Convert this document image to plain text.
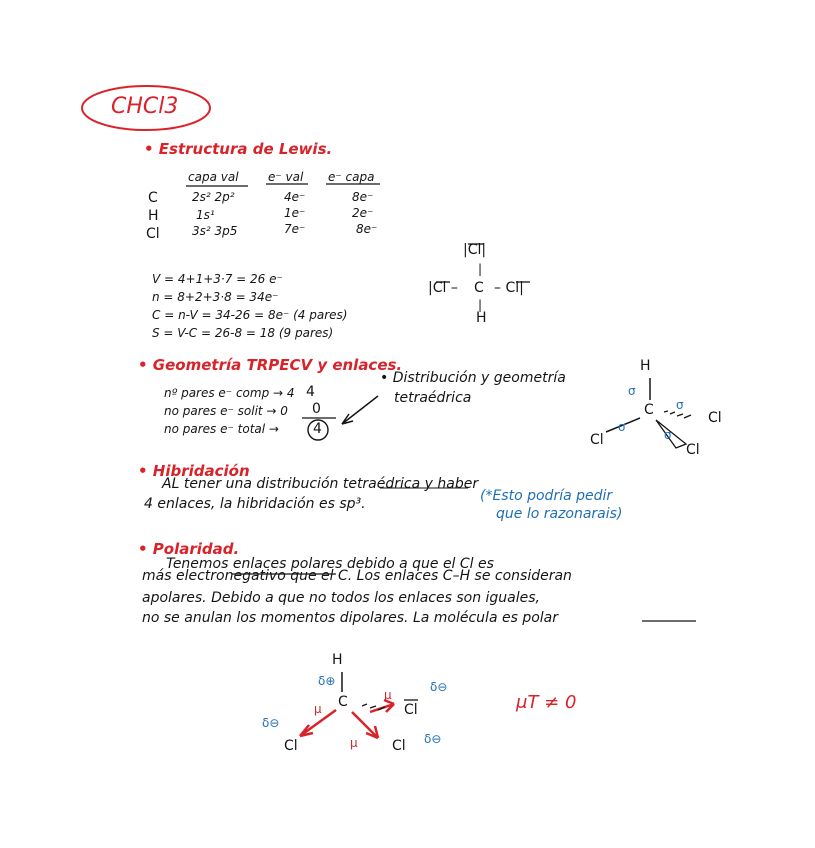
CHCl3
• Estructura de Lewis.
capa val e⁻ val e⁻ capa
C	2s² 2p²	4e⁻	8e⁻
H	1s¹	1e⁻	2e⁻
Cl	3s² 3p5	7e⁻	8e⁻
V = 4+1+3·7 = 26 e⁻
n = 8+2+3·8 = 34e⁻
C = n-V = 34-26 = 8e⁻ (4 pares)
S = V-C = 26-8 = 18 (9 pares)
|Cl|
|
|Cl – C – Cl|
|
H
• Geometría TRPECV y enlaces.
nº pares e⁻ comp → 4
no pares e⁻ solit → 0
no pares e⁻ total →
4
0
4
• Distribución y geometría
tetraédrica
H
σ
C σ
σ
σ
Cl
Cl
Cl
• Hibridación
AL tener una distribución tetraédrica y haber
4 enlaces, la hibridación es sp³.	(*Esto podría pedir
que lo razonarais)
• Polaridad.
Tenemos enlaces polares debido a que el Cl es
más electronegativo que el C. Los enlaces C–H se consideran
apolares. Debido a que no todos los enlaces son iguales,
no se anulan los momentos dipolares. La molécula es polar
H
δ⊕
C
μ
μ
μ
Cl
δ⊖
δ⊖
Cl	Cl δ⊖
μT ≠ 0
